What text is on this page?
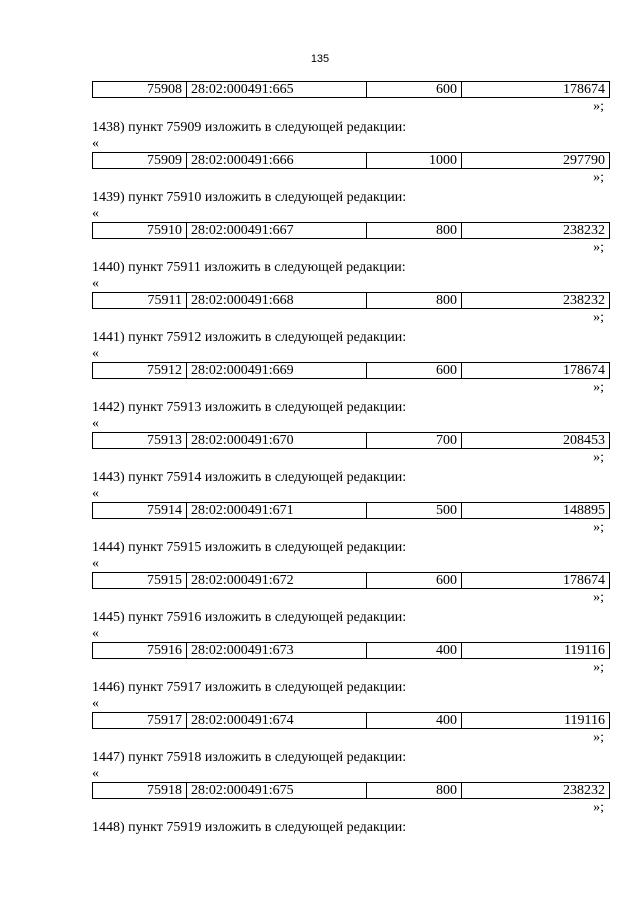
135
75908	28:02:000491:665	600	178674
»;
1438) пункт 75909 изложить в следующей редакции:
«
75909	28:02:000491:666	1000	297790
»;
1439) пункт 75910 изложить в следующей редакции:
«
75910	28:02:000491:667	800	238232
»;
1440) пункт 75911 изложить в следующей редакции:
«
75911	28:02:000491:668	800	238232
»;
1441) пункт 75912 изложить в следующей редакции:
«
75912	28:02:000491:669	600	178674
»;
1442) пункт 75913 изложить в следующей редакции:
«
75913	28:02:000491:670	700	208453
»;
1443) пункт 75914 изложить в следующей редакции:
«
75914	28:02:000491:671	500	148895
»;
1444) пункт 75915 изложить в следующей редакции:
«
75915	28:02:000491:672	600	178674
»;
1445) пункт 75916 изложить в следующей редакции:
«
75916	28:02:000491:673	400	119116
»;
1446) пункт 75917 изложить в следующей редакции:
«
75917	28:02:000491:674	400	119116
»;
1447) пункт 75918 изложить в следующей редакции:
«
75918	28:02:000491:675	800	238232
»;
1448) пункт 75919 изложить в следующей редакции:
